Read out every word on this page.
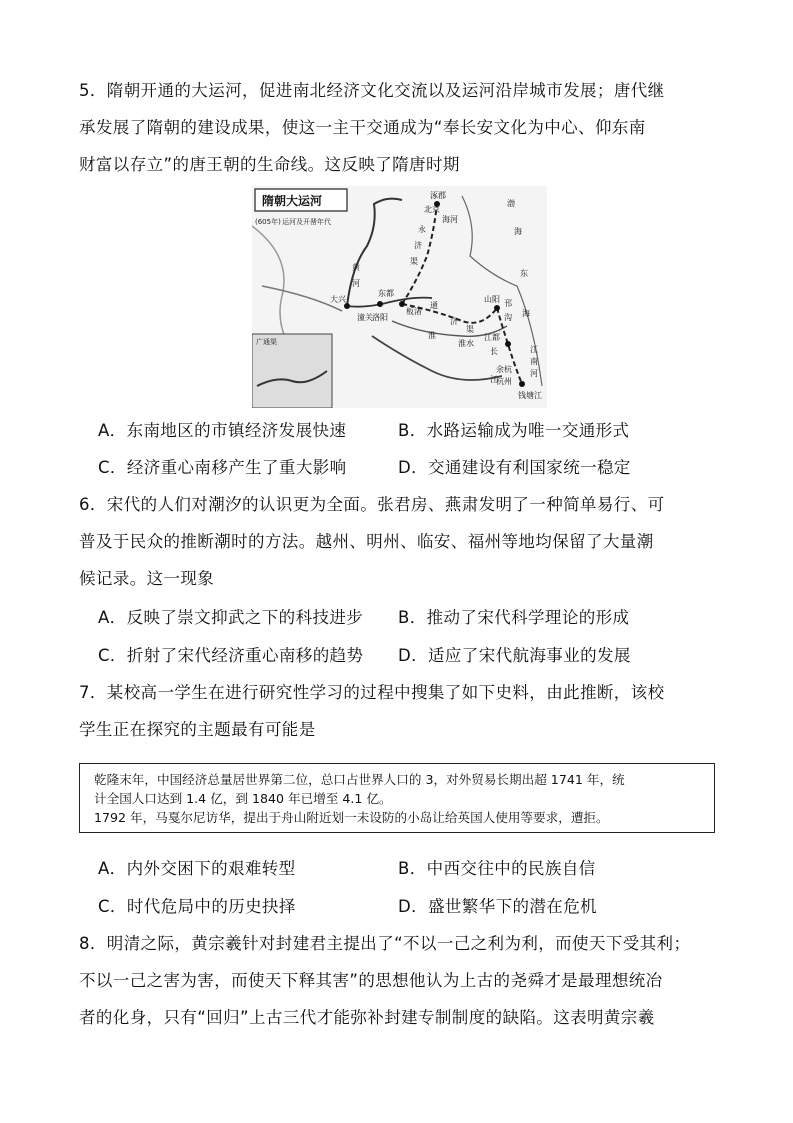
5．隋朝开通的大运河，促进南北经济文化交流以及运河沿岸城市发展；唐代继
承发展了隋朝的建设成果，使这一主干交通成为“奉长安文化为中心、仰东南
财富以存立”的唐王朝的生命线。这反映了隋唐时期
隋朝大运河
(605年) 运河及开凿年代
广通渠
涿郡
北京
永
济
渠
渤
海河
海
黄
河
东
大兴
潼关
东都
洛阳
板渚
通
济
渠
淮
海
山阳 邗
沟
江都
长
江
江
南
河
余杭
杭州
钱塘江
淮水
A．东南地区的市镇经济发展快速	B．水路运输成为唯一交通形式
C．经济重心南移产生了重大影响	D．交通建设有利国家统一稳定
6．宋代的人们对潮汐的认识更为全面。张君房、燕肃发明了一种简单易行、可
普及于民众的推断潮时的方法。越州、明州、临安、福州等地均保留了大量潮
候记录。这一现象
A．反映了崇文抑武之下的科技进步 B．推动了宋代科学理论的形成
C．折射了宋代经济重心南移的趋势 D．适应了宋代航海事业的发展
7．某校高一学生在进行研究性学习的过程中搜集了如下史料，由此推断，该校
学生正在探究的主题最有可能是
乾隆末年，中国经济总量居世界第二位，总口占世界人口的 3，对外贸易长期出超 1741 年，统
计全国人口达到 1.4 亿，到 1840 年已增至 4.1 亿。
1792 年，马戛尔尼访华，提出于舟山附近划一未设防的小岛让给英国人使用等要求，遭拒。
A．内外交困下的艰难转型	B．中西交往中的民族自信
C．时代危局中的历史抉择	D．盛世繁华下的潜在危机
8．明清之际，黄宗羲针对封建君主提出了“不以一己之利为利，而使天下受其利；
不以一己之害为害，而使天下释其害”的思想他认为上古的尧舜才是最理想统冶
者的化身，只有“回归”上古三代才能弥补封建专制制度的缺陷。这表明黄宗羲
